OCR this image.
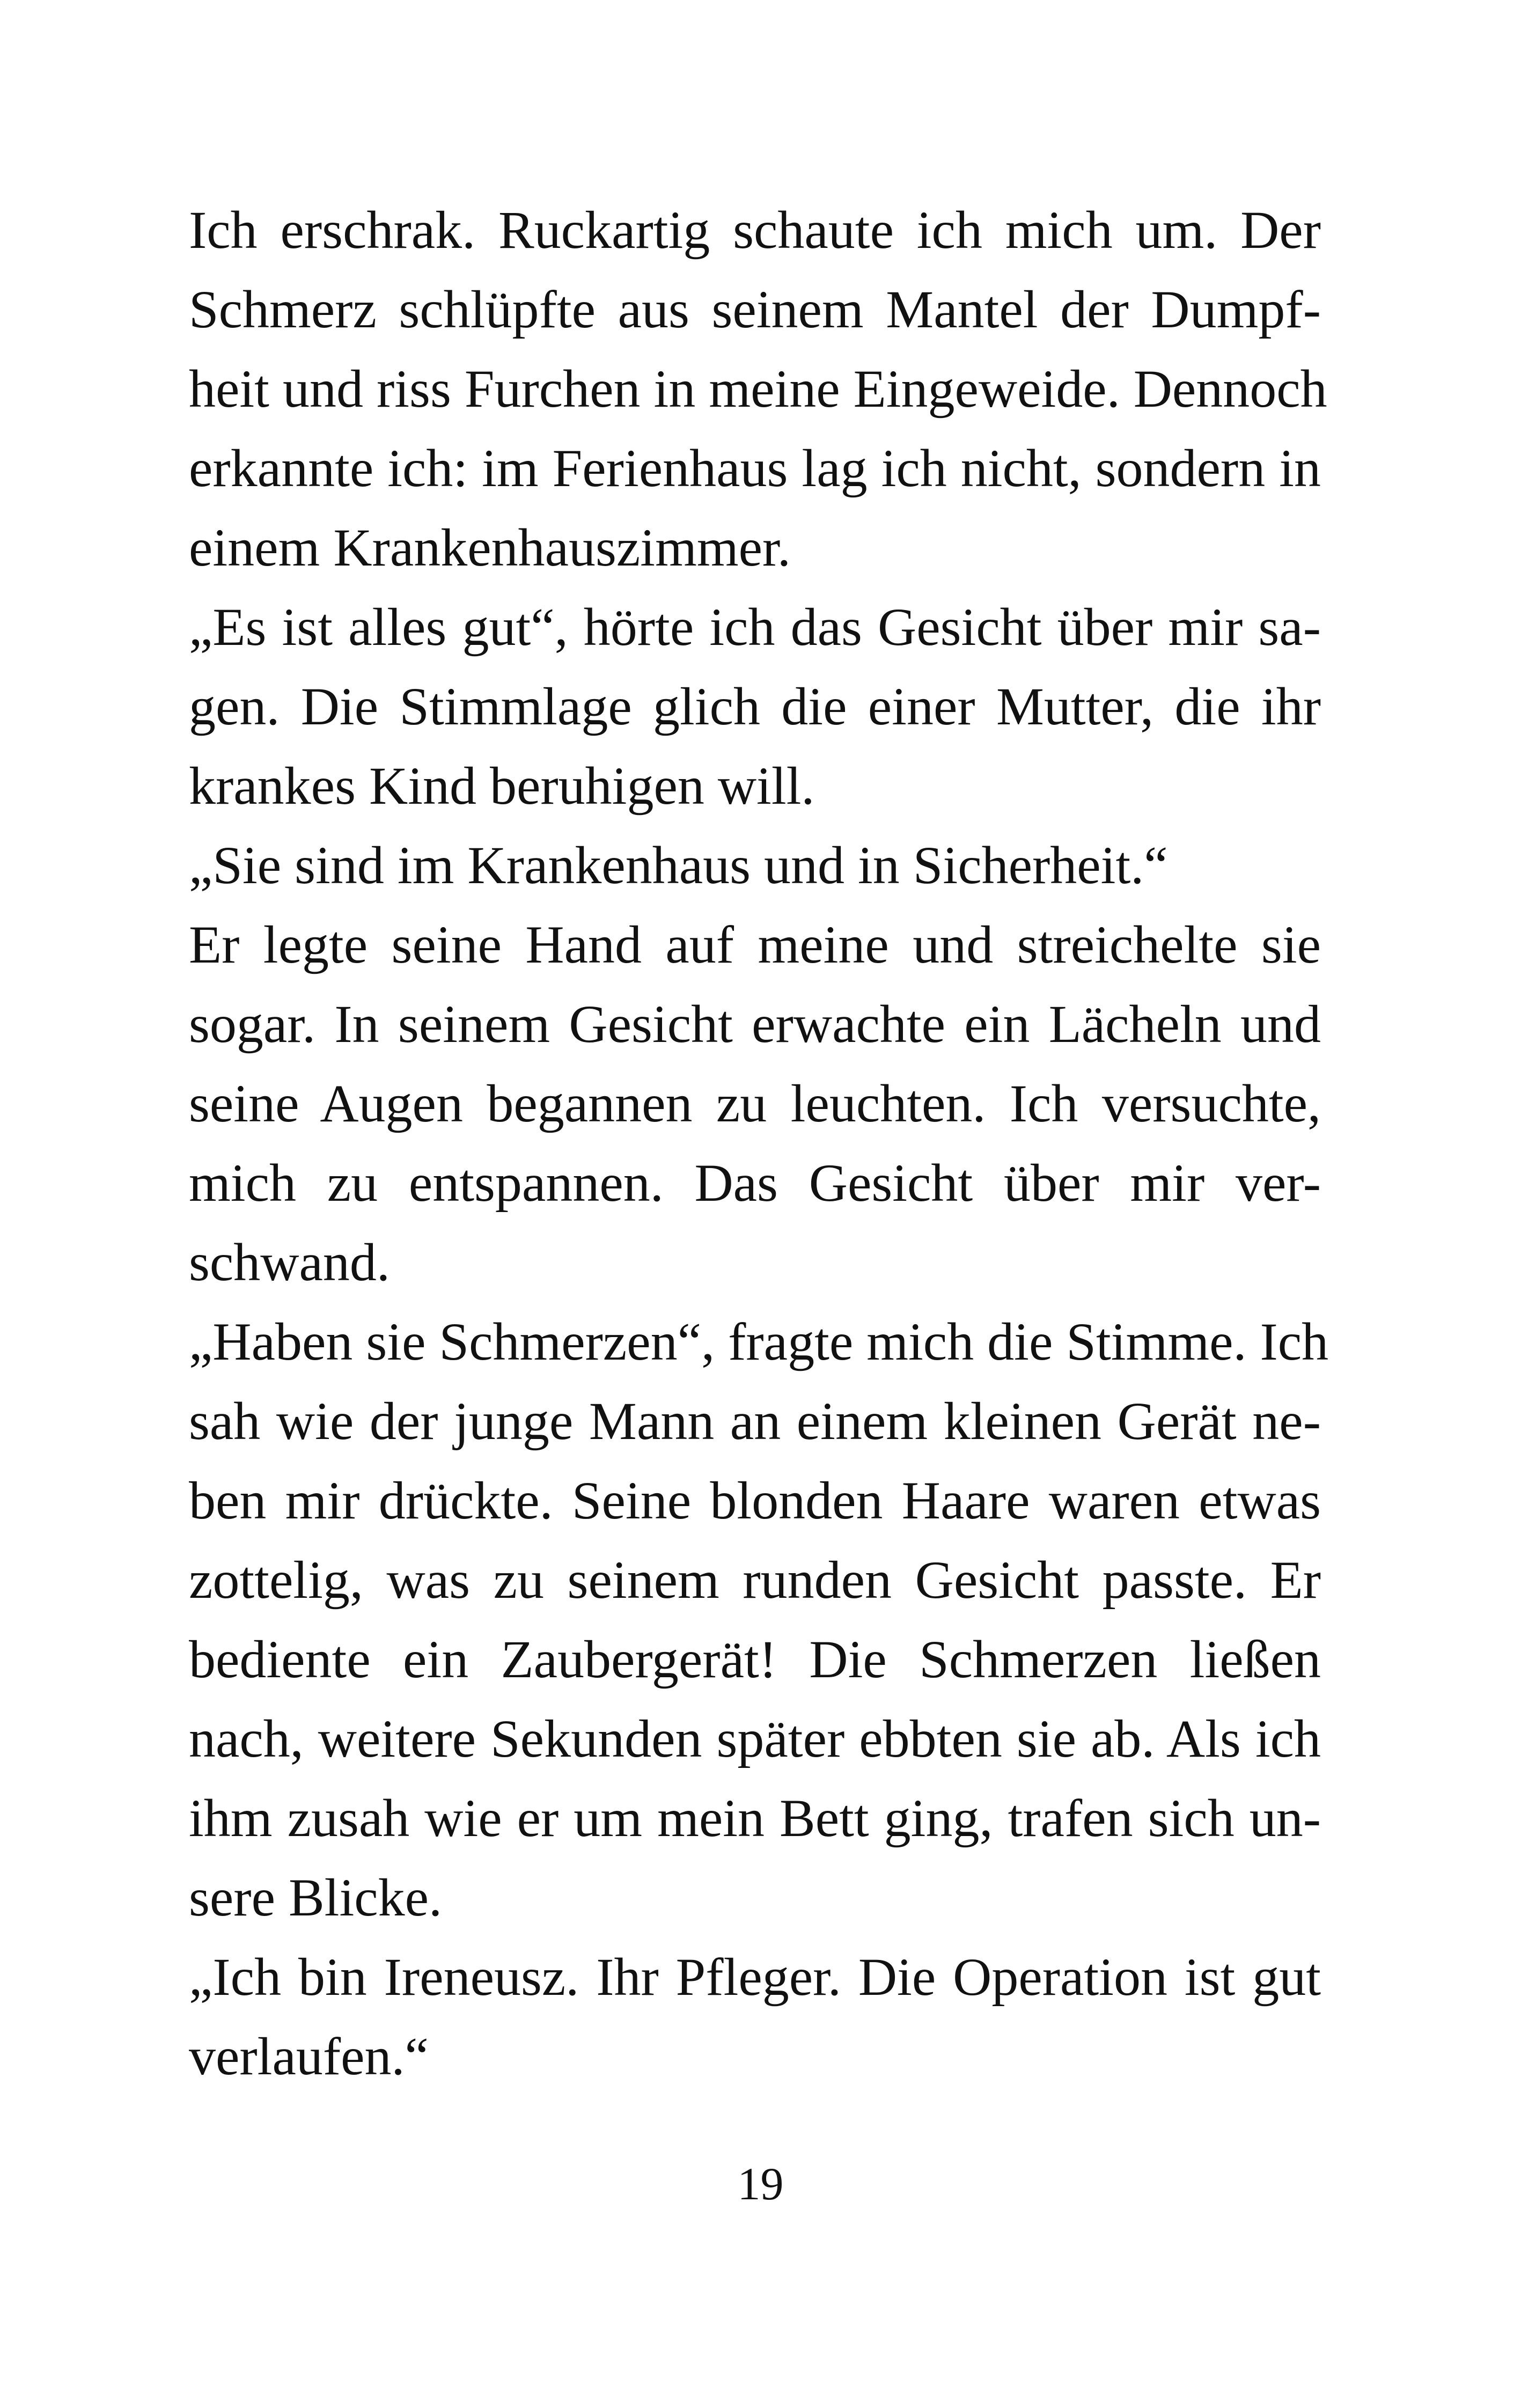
Ich erschrak. Ruckartig schaute ich mich um. Der
Schmerz schlüpfte aus seinem Mantel der Dumpf-
heit und riss Furchen in meine Eingeweide. Dennoch
erkannte ich: im Ferienhaus lag ich nicht, sondern in
einem Krankenhauszimmer.
„Es ist alles gut“, hörte ich das Gesicht über mir sa-
gen. Die Stimmlage glich die einer Mutter, die ihr
krankes Kind beruhigen will.
„Sie sind im Krankenhaus und in Sicherheit.“
Er legte seine Hand auf meine und streichelte sie
sogar. In seinem Gesicht erwachte ein Lächeln und
seine Augen begannen zu leuchten. Ich versuchte,
mich zu entspannen. Das Gesicht über mir ver-
schwand.
„Haben sie Schmerzen“, fragte mich die Stimme. Ich
sah wie der junge Mann an einem kleinen Gerät ne-
ben mir drückte. Seine blonden Haare waren etwas
zottelig, was zu seinem runden Gesicht passte. Er
bediente ein Zaubergerät! Die Schmerzen ließen
nach, weitere Sekunden später ebbten sie ab. Als ich
ihm zusah wie er um mein Bett ging, trafen sich un-
sere Blicke.
„Ich bin Ireneusz. Ihr Pfleger. Die Operation ist gut
verlaufen.“
19
